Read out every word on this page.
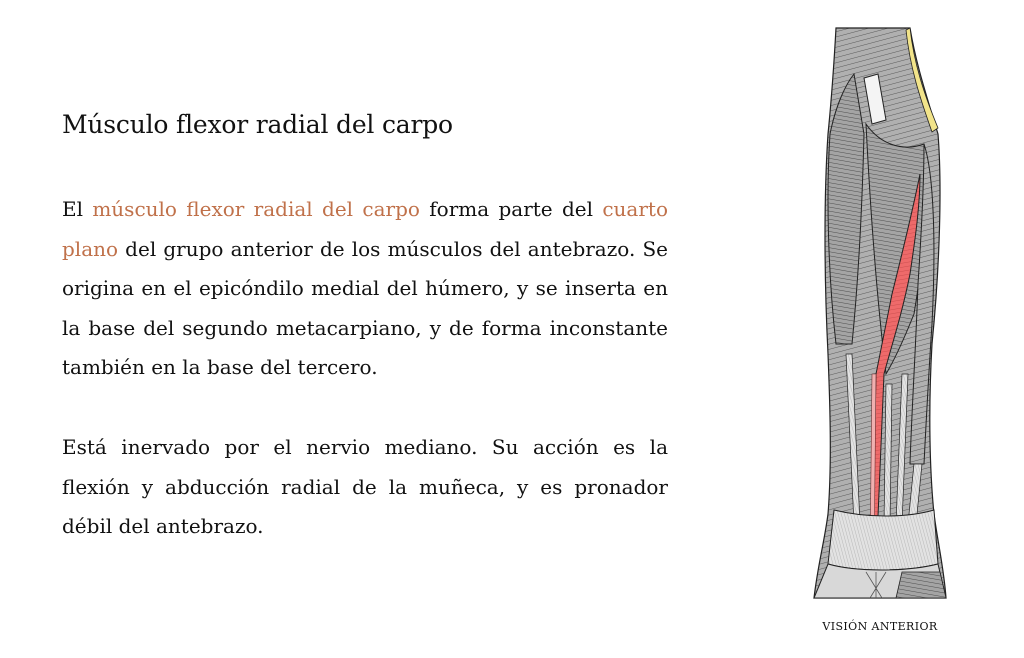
Músculo flexor radial del carpo

El músculo flexor radial del carpo forma parte del cuarto plano del grupo anterior de los músculos del antebrazo. Se origina en el epicóndilo medial del húmero, y se inserta en la base del segundo metacarpiano, y de forma inconstante también en la base del tercero.

Está inervado por el nervio mediano. Su acción es la flexión y abducción radial de la muñeca, y es pronador débil del antebrazo.

VISIÓN ANTERIOR
